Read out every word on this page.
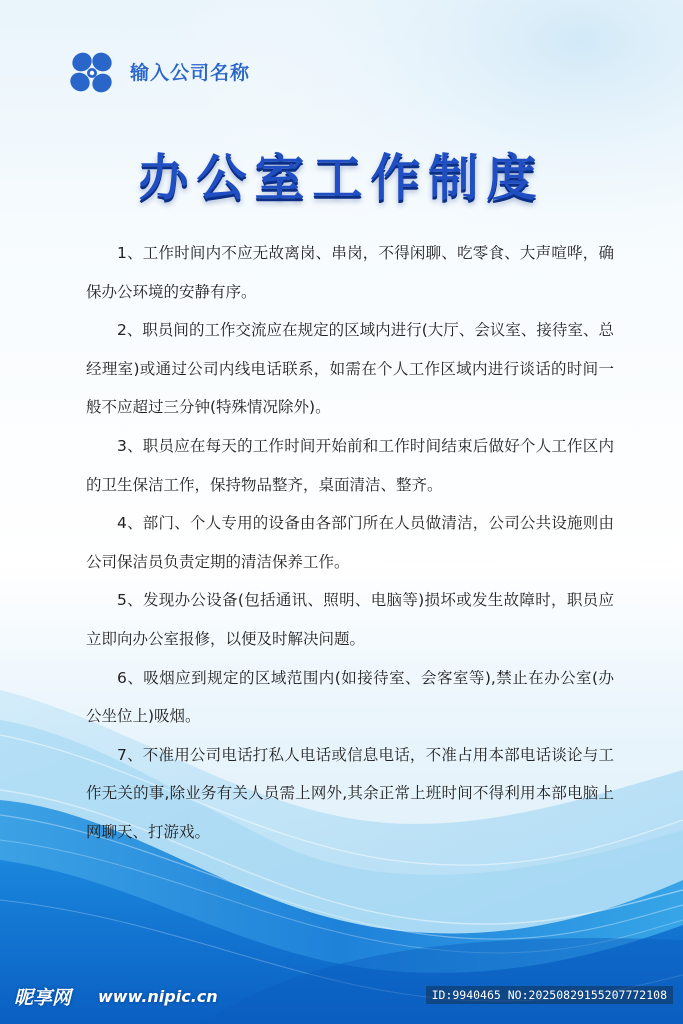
输入公司名称
办公室工作制度

1、工作时间内不应无故离岗、串岗，不得闲聊、吃零食、大声喧哗，确保办公环境的安静有序。

2、职员间的工作交流应在规定的区域内进行(大厅、会议室、接待室、总经理室)或通过公司内线电话联系，如需在个人工作区域内进行谈话的时间一般不应超过三分钟(特殊情况除外)。

3、职员应在每天的工作时间开始前和工作时间结束后做好个人工作区内的卫生保洁工作，保持物品整齐，桌面清洁、整齐。

4、部门、个人专用的设备由各部门所在人员做清洁，公司公共设施则由公司保洁员负责定期的清洁保养工作。

5、发现办公设备(包括通讯、照明、电脑等)损坏或发生故障时，职员应立即向办公室报修，以便及时解决问题。

6、吸烟应到规定的区域范围内(如接待室、会客室等),禁止在办公室(办公坐位上)吸烟。

7、不准用公司电话打私人电话或信息电话，不准占用本部电话谈论与工作无关的事,除业务有关人员需上网外,其余正常上班时间不得利用本部电脑上网聊天、打游戏。

昵享网 www.nipic.cn	ID:9940465 NO:20250829155207772108
